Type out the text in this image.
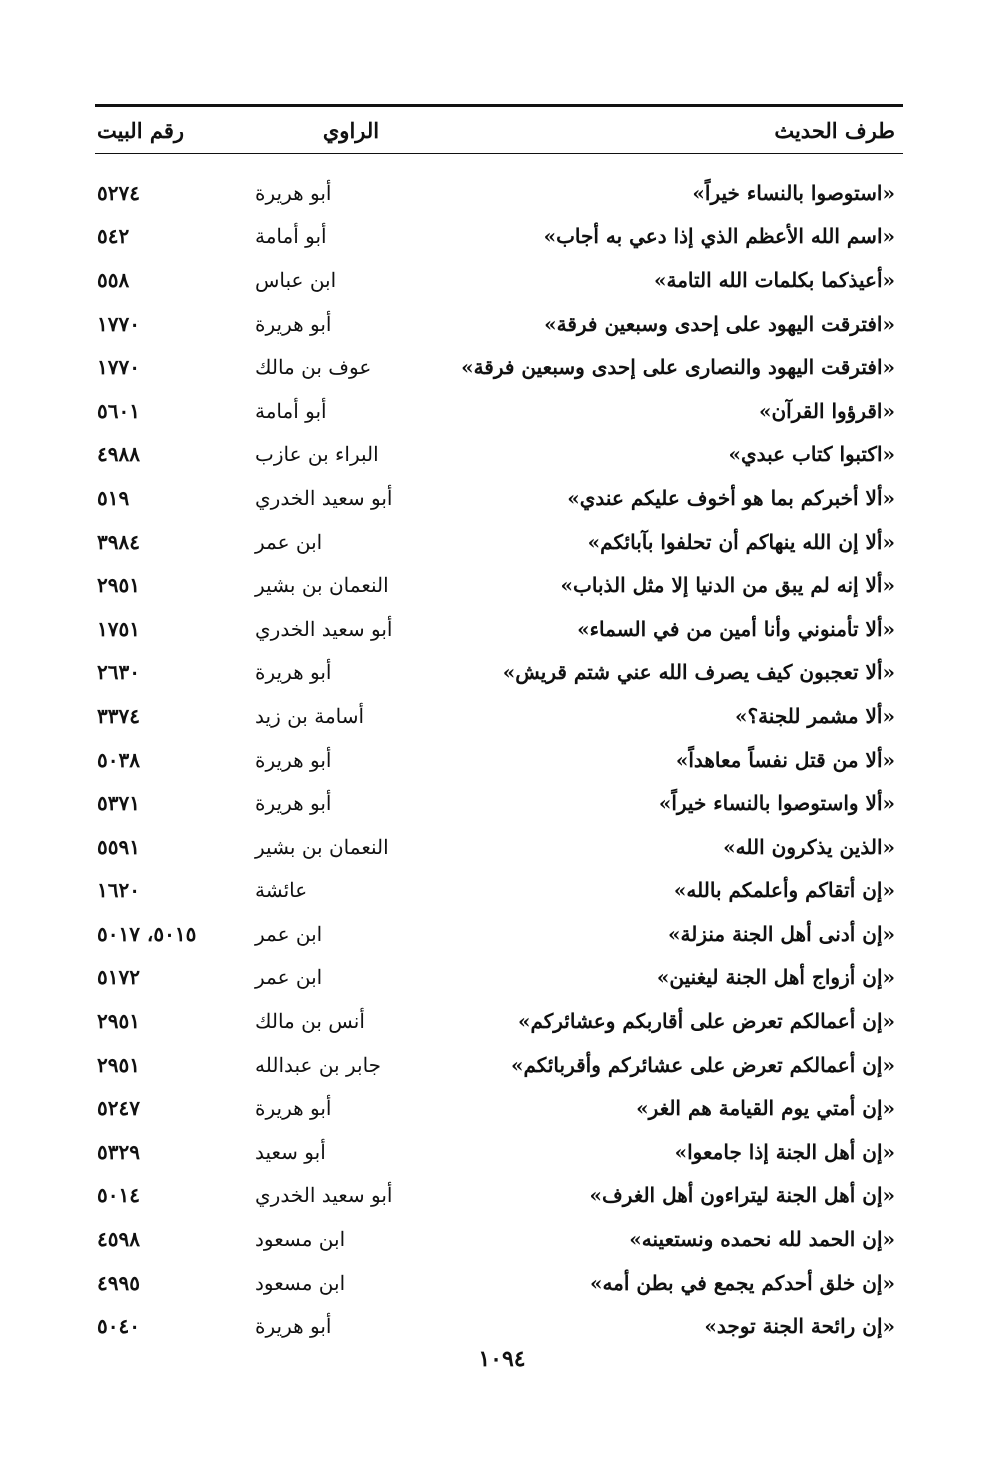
طرف الحديث
الراوي
رقم البيت
«استوصوا بالنساء خيراً»
أبو هريرة
٥٢٧٤
«اسم الله الأعظم الذي إذا دعي به أجاب»
أبو أمامة
٥٤٢
«أعيذكما بكلمات الله التامة»
ابن عباس
٥٥٨
«افترقت اليهود على إحدى وسبعين فرقة»
أبو هريرة
١٧٧٠
«افترقت اليهود والنصارى على إحدى وسبعين فرقة»
عوف بن مالك
١٧٧٠
«اقرؤوا القرآن»
أبو أمامة
٥٦٠١
«اكتبوا كتاب عبدي»
البراء بن عازب
٤٩٨٨
«ألا أخبركم بما هو أخوف عليكم عندي»
أبو سعيد الخدري
٥١٩
«ألا إن الله ينهاكم أن تحلفوا بآبائكم»
ابن عمر
٣٩٨٤
«ألا إنه لم يبق من الدنيا إلا مثل الذباب»
النعمان بن بشير
٢٩٥١
«ألا تأمنوني وأنا أمين من في السماء»
أبو سعيد الخدري
١٧٥١
«ألا تعجبون كيف يصرف الله عني شتم قريش»
أبو هريرة
٢٦٣٠
«ألا مشمر للجنة؟»
أسامة بن زيد
٣٣٧٤
«ألا من قتل نفساً معاهداً»
أبو هريرة
٥٠٣٨
«ألا واستوصوا بالنساء خيراً»
أبو هريرة
٥٣٧١
«الذين يذكرون الله»
النعمان بن بشير
٥٥٩١
«إن أتقاكم وأعلمكم بالله»
عائشة
١٦٢٠
«إن أدنى أهل الجنة منزلة»
ابن عمر
٥٠١٥، ٥٠١٧
«إن أزواج أهل الجنة ليغنين»
ابن عمر
٥١٧٢
«إن أعمالكم تعرض على أقاربكم وعشائركم»
أنس بن مالك
٢٩٥١
«إن أعمالكم تعرض على عشائركم وأقربائكم»
جابر بن عبدالله
٢٩٥١
«إن أمتي يوم القيامة هم الغر»
أبو هريرة
٥٢٤٧
«إن أهل الجنة إذا جامعوا»
أبو سعيد
٥٣٢٩
«إن أهل الجنة ليتراءون أهل الغرف»
أبو سعيد الخدري
٥٠١٤
«إن الحمد لله نحمده ونستعينه»
ابن مسعود
٤٥٩٨
«إن خلق أحدكم يجمع في بطن أمه»
ابن مسعود
٤٩٩٥
«إن رائحة الجنة توجد»
أبو هريرة
٥٠٤٠
١٠٩٤
